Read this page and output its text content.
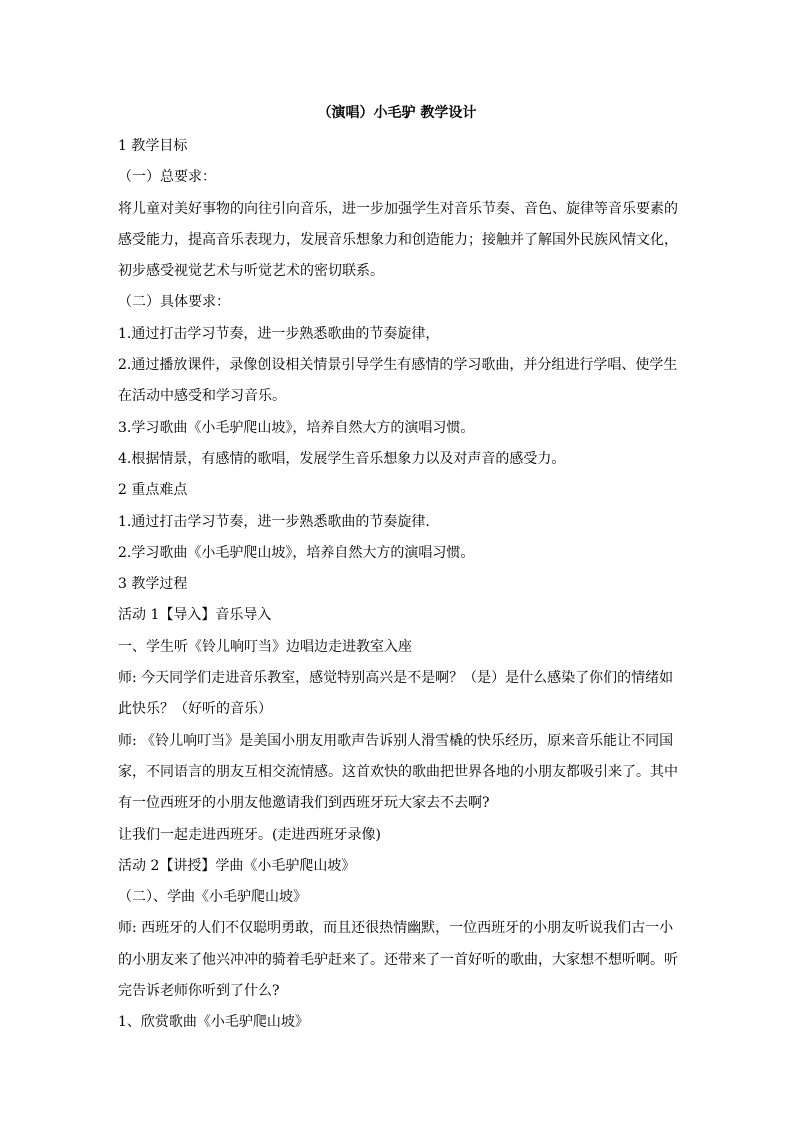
（演唱）小毛驴 教学设计

1 教学目标

（一）总要求：

将儿童对美好事物的向往引向音乐，进一步加强学生对音乐节奏、音色、旋律等音乐要素的感受能力，提高音乐表现力，发展音乐想象力和创造能力；接触并了解国外民族风情文化，初步感受视觉艺术与听觉艺术的密切联系。

（二）具体要求：

1.通过打击学习节奏，进一步熟悉歌曲的节奏旋律，

2.通过播放课件，录像创设相关情景引导学生有感情的学习歌曲，并分组进行学唱、使学生在活动中感受和学习音乐。

3.学习歌曲《小毛驴爬山坡》，培养自然大方的演唱习惯。

4.根据情景，有感情的歌唱，发展学生音乐想象力以及对声音的感受力。

2 重点难点

1.通过打击学习节奏，进一步熟悉歌曲的节奏旋律.

2.学习歌曲《小毛驴爬山坡》，培养自然大方的演唱习惯。

3 教学过程

活动 1【导入】音乐导入

一、学生听《铃儿响叮当》边唱边走进教室入座

师: 今天同学们走进音乐教室，感觉特别高兴是不是啊？（是）是什么感染了你们的情绪如此快乐？（好听的音乐）

师: 《铃儿响叮当》是美国小朋友用歌声告诉别人滑雪橇的快乐经历，原来音乐能让不同国家，不同语言的朋友互相交流情感。这首欢快的歌曲把世界各地的小朋友都吸引来了。其中有一位西班牙的小朋友他邀请我们到西班牙玩大家去不去啊?

让我们一起走进西班牙。(走进西班牙录像)

活动 2【讲授】学曲《小毛驴爬山坡》

（二）、学曲《小毛驴爬山坡》

师: 西班牙的人们不仅聪明勇敢，而且还很热情幽默，一位西班牙的小朋友听说我们古一小的小朋友来了他兴冲冲的骑着毛驴赶来了。还带来了一首好听的歌曲，大家想不想听啊。听完告诉老师你听到了什么?

1、欣赏歌曲《小毛驴爬山坡》
